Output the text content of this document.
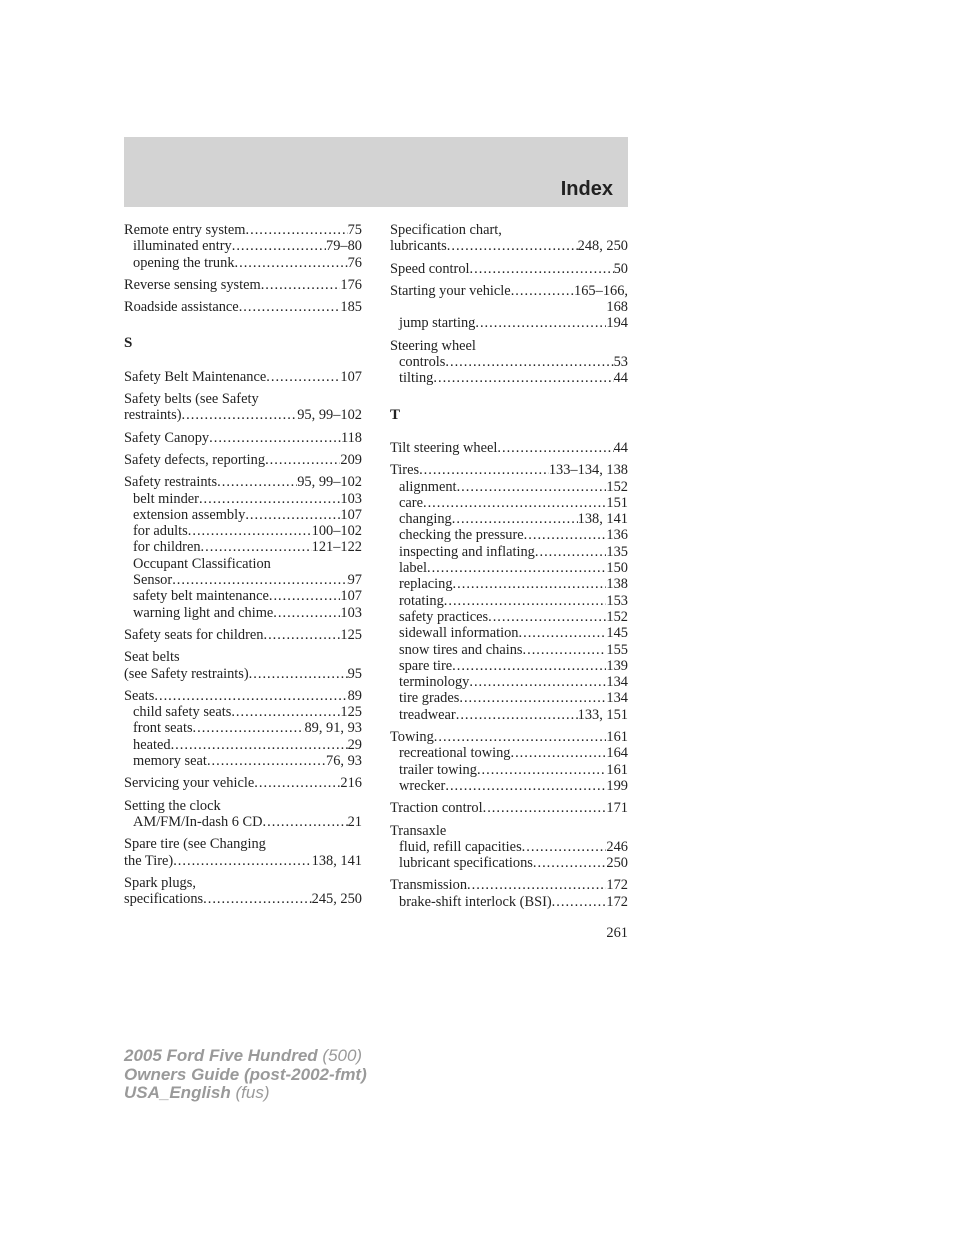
Index
Remote entry system . . .	75
illuminated entry . . .	79–80
opening the trunk . . .	76
Reverse sensing system . . .	176
Roadside assistance . . .	185
S
Safety Belt Maintenance . . .	107
Safety belts (see Safety
restraints) . . .	95, 99–102
Safety Canopy . . .	118
Safety defects, reporting . . .	209
Safety restraints . . .	95, 99–102
belt minder . . .	103
extension assembly . . .	107
for adults . . .	100–102
for children . . .	121–122
Occupant Classification
Sensor . . .	97
safety belt maintenance . . .	107
warning light and chime . . .	103
Safety seats for children . . .	125
Seat belts
(see Safety restraints) . . .	95
Seats . . .	89
child safety seats . . .	125
front seats . . .	89, 91, 93
heated . . .	29
memory seat . . .	76, 93
Servicing your vehicle . . .	216
Setting the clock
AM/FM/In-dash 6 CD . . .	21
Spare tire (see Changing
the Tire) . . .	138, 141
Spark plugs,
specifications . . .	245, 250
Specification chart,
lubricants . . .	248, 250
Speed control . . .	50
Starting your vehicle . . .	165–166,
168
jump starting . . .	194
Steering wheel
controls . . .	53
tilting . . .	44
T
Tilt steering wheel . . .	44
Tires . . .	133–134, 138
alignment . . .	152
care . . .	151
changing . . .	138, 141
checking the pressure . . .	136
inspecting and inflating . . .	135
label . . .	150
replacing . . .	138
rotating . . .	153
safety practices . . .	152
sidewall information . . .	145
snow tires and chains . . .	155
spare tire . . .	139
terminology . . .	134
tire grades . . .	134
treadwear . . .	133, 151
Towing . . .	161
recreational towing . . .	164
trailer towing . . .	161
wrecker . . .	199
Traction control . . .	171
Transaxle
fluid, refill capacities . . .	246
lubricant specifications . . .	250
Transmission . . .	172
brake-shift interlock (BSI) . . .	172
261
2005 Ford Five Hundred (500)
Owners Guide (post-2002-fmt)
USA_English (fus)
